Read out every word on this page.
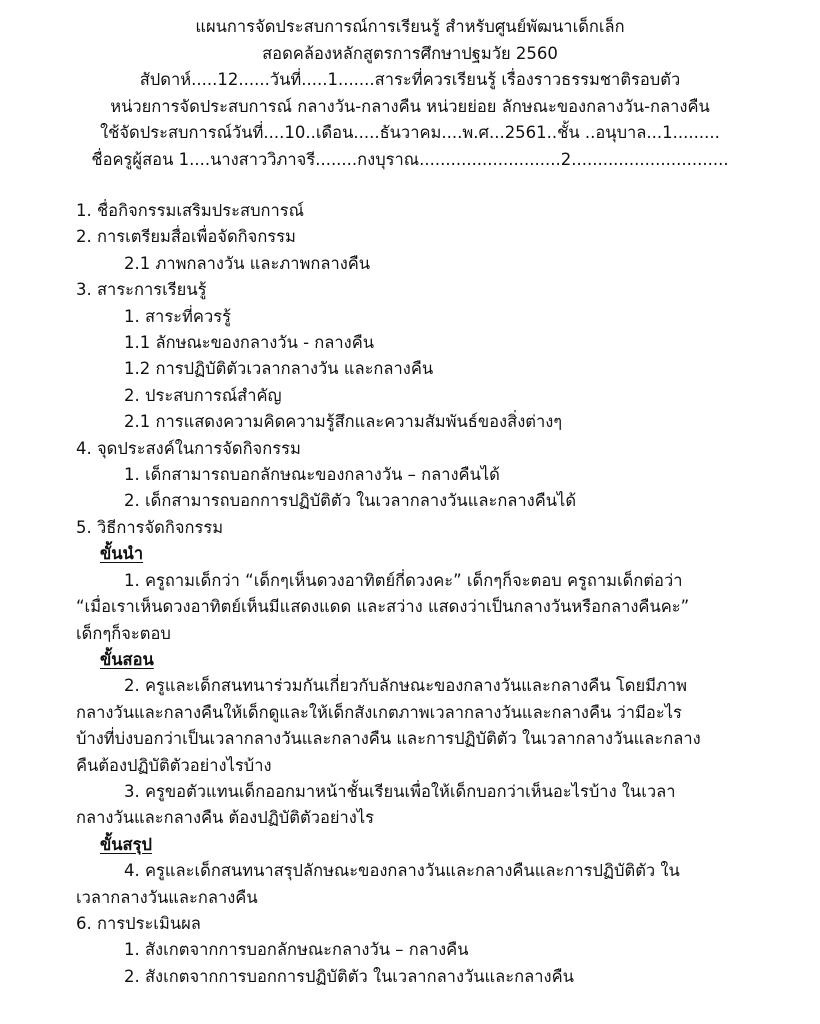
แผนการจัดประสบการณ์การเรียนรู้ สำหรับศูนย์พัฒนาเด็กเล็ก
สอดคล้องหลักสูตรการศึกษาปฐมวัย 2560
สัปดาห์.....12......วันที่.....1.......สาระที่ควรเรียนรู้ เรื่องราวธรรมชาติรอบตัว
หน่วยการจัดประสบการณ์ กลางวัน-กลางคืน หน่วยย่อย ลักษณะของกลางวัน-กลางคืน
ใช้จัดประสบการณ์วันที่....10..เดือน.....ธันวาคม....พ.ศ...2561..ชั้น ..อนุบาล...1.........
ชื่อครูผู้สอน 1....นางสาววิภาจรี........กงบุราณ...........................2..............................
1. ชื่อกิจกรรมเสริมประสบการณ์
2. การเตรียมสื่อเพื่อจัดกิจกรรม
2.1 ภาพกลางวัน และภาพกลางคืน
3. สาระการเรียนรู้
1. สาระที่ควรรู้
1.1 ลักษณะของกลางวัน - กลางคืน
1.2 การปฏิบัติตัวเวลากลางวัน และกลางคืน
2. ประสบการณ์สำคัญ
2.1 การแสดงความคิดความรู้สึกและความสัมพันธ์ของสิ่งต่างๆ
4. จุดประสงค์ในการจัดกิจกรรม
1. เด็กสามารถบอกลักษณะของกลางวัน – กลางคืนได้
2. เด็กสามารถบอกการปฏิบัติตัว ในเวลากลางวันและกลางคืนได้
5. วิธีการจัดกิจกรรม
ขั้นนำ
1. ครูถามเด็กว่า “เด็กๆเห็นดวงอาทิตย์กี่ดวงคะ” เด็กๆก็จะตอบ ครูถามเด็กต่อว่า
“เมื่อเราเห็นดวงอาทิตย์เห็นมีแสดงแดด และสว่าง แสดงว่าเป็นกลางวันหรือกลางคืนคะ”
เด็กๆก็จะตอบ
ขั้นสอน
2. ครูและเด็กสนทนาร่วมกันเกี่ยวกับลักษณะของกลางวันและกลางคืน โดยมีภาพ
กลางวันและกลางคืนให้เด็กดูและให้เด็กสังเกตภาพเวลากลางวันและกลางคืน ว่ามีอะไร
บ้างที่บ่งบอกว่าเป็นเวลากลางวันและกลางคืน และการปฏิบัติตัว ในเวลากลางวันและกลาง
คืนต้องปฏิบัติตัวอย่างไรบ้าง
3. ครูขอตัวแทนเด็กออกมาหน้าชั้นเรียนเพื่อให้เด็กบอกว่าเห็นอะไรบ้าง ในเวลา
กลางวันและกลางคืน ต้องปฏิบัติตัวอย่างไร
ขั้นสรุป
4. ครูและเด็กสนทนาสรุปลักษณะของกลางวันและกลางคืนและการปฏิบัติตัว ใน
เวลากลางวันและกลางคืน
6. การประเมินผล
1. สังเกตจากการบอกลักษณะกลางวัน – กลางคืน
2. สังเกตจากการบอกการปฏิบัติตัว ในเวลากลางวันและกลางคืน
